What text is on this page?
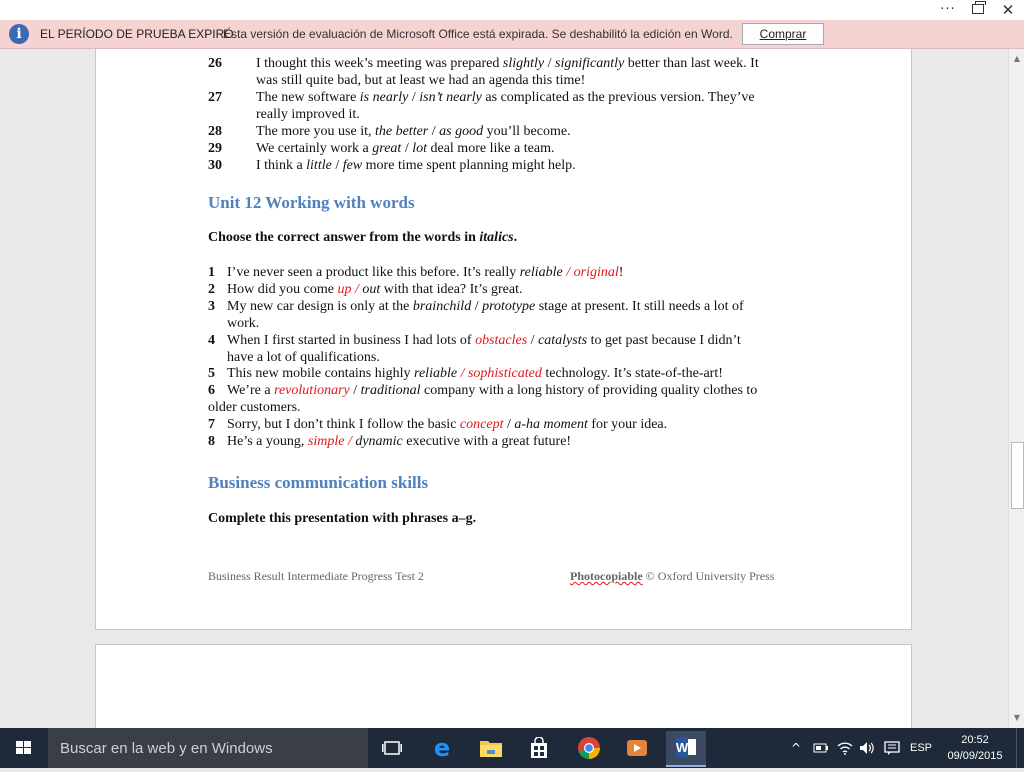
···	✕
i	EL PERÍODO DE PRUEBA EXPIRÓ
Esta versión de evaluación de Microsoft Office está expirada. Se deshabilitó la edición en Word.	Comprar
26 I thought this week’s meeting was prepared slightly / significantly better than last week. It
was still quite bad, but at least we had an agenda this time!
27 The new software is nearly / isn’t nearly as complicated as the previous version. They’ve
really improved it.
28 The more you use it, the better / as good you’ll become.
29 We certainly work a great / lot deal more like a team.
30 I think a little / few more time spent planning might help.
Unit 12 Working with words
Choose the correct answer from the words in italics.
1 I’ve never seen a product like this before. It’s really reliable / original!
2 How did you come up / out with that idea? It’s great.
3 My new car design is only at the brainchild / prototype stage at present. It still needs a lot of
work.
4 When I first started in business I had lots of obstacles / catalysts to get past because I didn’t
have a lot of qualifications.
5 This new mobile contains highly reliable / sophisticated technology. It’s state-of-the-art!
6 We’re a revolutionary / traditional company with a long history of providing quality clothes to
older customers.
7 Sorry, but I don’t think I follow the basic concept / a-ha moment for your idea.
8 He’s a young, simple / dynamic executive with a great future!
Business communication skills
Complete this presentation with phrases a–g.
Business Result Intermediate Progress Test 2	Photocopiable © Oxford University Press
▲
▼
Buscar en la web y en Windows	e	W	^	ESP
20:52
09/09/2015
